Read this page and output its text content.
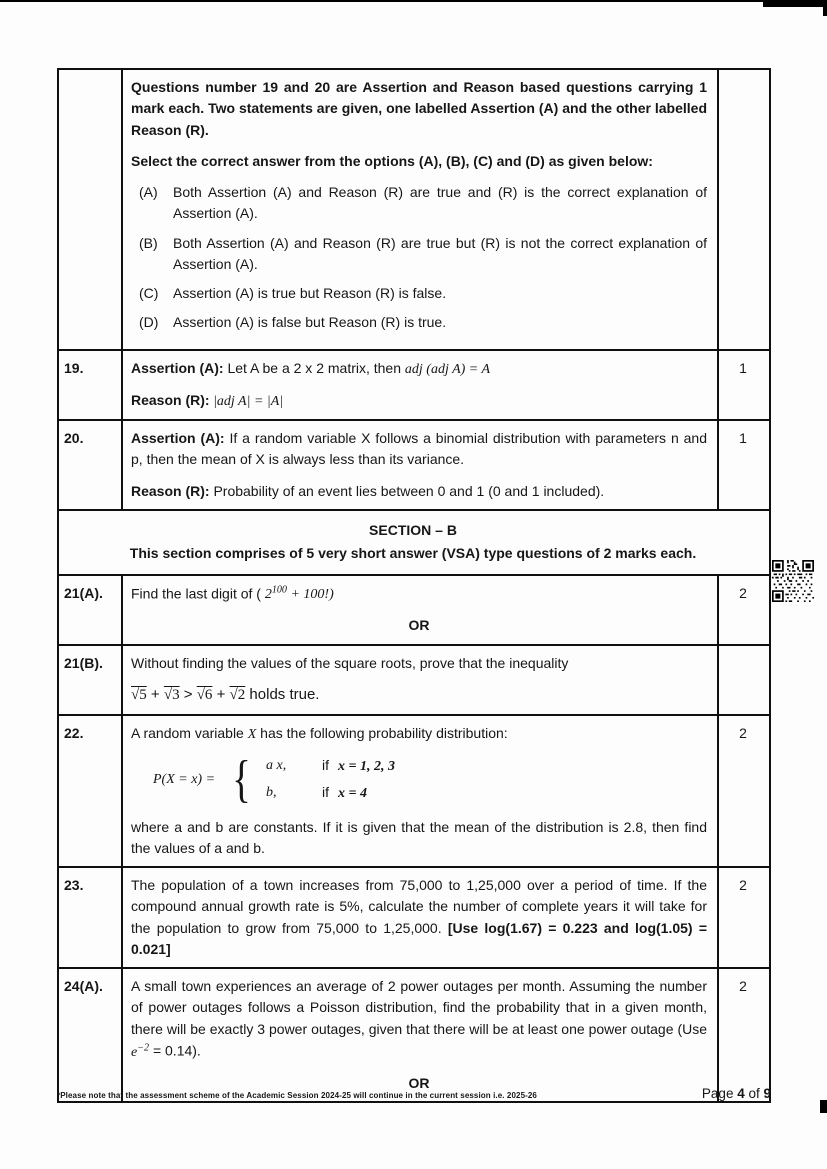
Questions number 19 and 20 are Assertion and Reason based questions carrying 1 mark each. Two statements are given, one labelled Assertion (A) and the other labelled Reason (R).

Select the correct answer from the options (A), (B), (C) and (D) as given below:

(A)	Both Assertion (A) and Reason (R) are true and (R) is the correct explanation of Assertion (A).
(B)	Both Assertion (A) and Reason (R) are true but (R) is not the correct explanation of Assertion (A).
(C)	Assertion (A) is true but Reason (R) is false.
(D)	Assertion (A) is false but Reason (R) is true.

19.	Assertion (A): Let A be a 2 x 2 matrix, then adj (adj A) = A

Reason (R): |adj A| = |A|	1
20.	Assertion (A): If a random variable X follows a binomial distribution with parameters n and p, then the mean of X is always less than its variance.

Reason (R): Probability of an event lies between 0 and 1 (0 and 1 included).	1

SECTION – B
This section comprises of 5 very short answer (VSA) type questions of 2 marks each.		

21(A).	Find the last digit of ( $2^{100} + 100$!)

OR	2
21(B).	Without finding the values of the square roots, prove that the inequality

√5 + √3 > √6 + √2 holds true.	

22.	A random variable X has the following probability distribution:

P(X = x) = { a x,	if x = 1, 2, 3
b,	if x = 4

where a and b are constants. If it is given that the mean of the distribution is 2.8, then find the values of a and b.

	2
23.	The population of a town increases from 75,000 to 1,25,000 over a period of time. If the compound annual growth rate is 5%, calculate the number of complete years it will take for the population to grow from 75,000 to 1,25,000. [Use log(1.67) = 0.223 and log(1.05) = 0.021]	2
24(A).	A small town experiences an average of 2 power outages per month. Assuming the number of power outages follows a Poisson distribution, find the probability that in a given month, there will be exactly 3 power outages, given that there will be at least one power outage (Use $e^{-2} = 0.14$).

OR	2
*Please note that the assessment scheme of the Academic Session 2024-25 will continue in the current session i.e. 2025-26	Page 4 of 9
